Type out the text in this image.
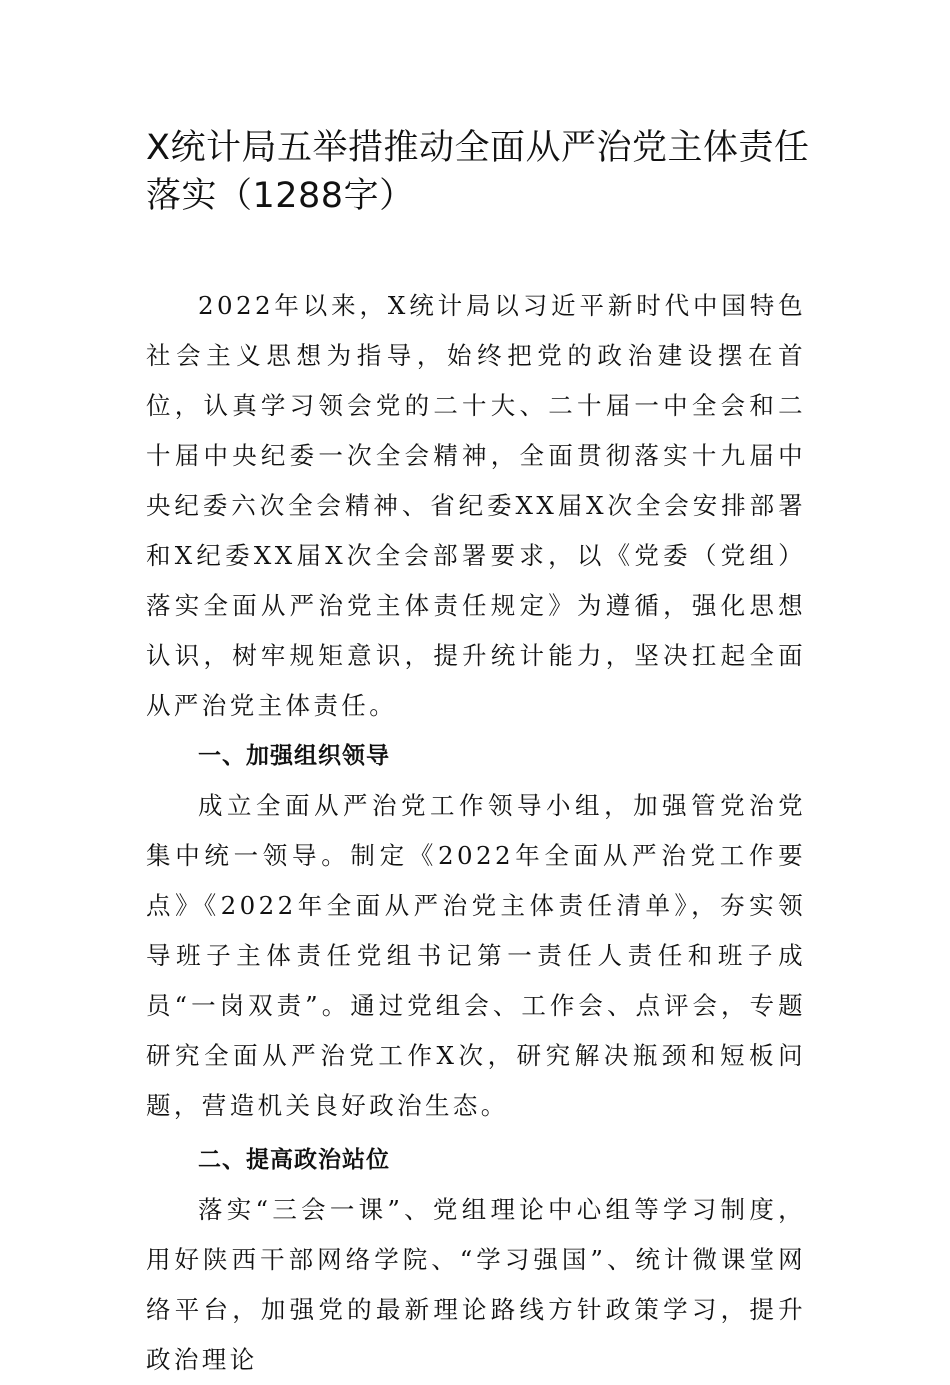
X统计局五举措推动全面从严治党主体责任落实（1288字）

2022年以来，X统计局以习近平新时代中国特色社会主义思想为指导，始终把党的政治建设摆在首位，认真学习领会党的二十大、二十届一中全会和二十届中央纪委一次全会精神，全面贯彻落实十九届中央纪委六次全会精神、省纪委XX届X次全会安排部署和X纪委XX届X次全会部署要求，以《党委（党组）落实全面从严治党主体责任规定》为遵循，强化思想认识，树牢规矩意识，提升统计能力，坚决扛起全面从严治党主体责任。

一、加强组织领导

成立全面从严治党工作领导小组，加强管党治党集中统一领导。制定《2022年全面从严治党工作要点》《2022年全面从严治党主体责任清单》，夯实领导班子主体责任党组书记第一责任人责任和班子成员“一岗双责”。通过党组会、工作会、点评会，专题研究全面从严治党工作X次，研究解决瓶颈和短板问题，营造机关良好政治生态。

二、提高政治站位

落实“三会一课”、党组理论中心组等学习制度，用好陕西干部网络学院、“学习强国”、统计微课堂网络平台，加强党的最新理论路线方针政策学习，提升政治理论
